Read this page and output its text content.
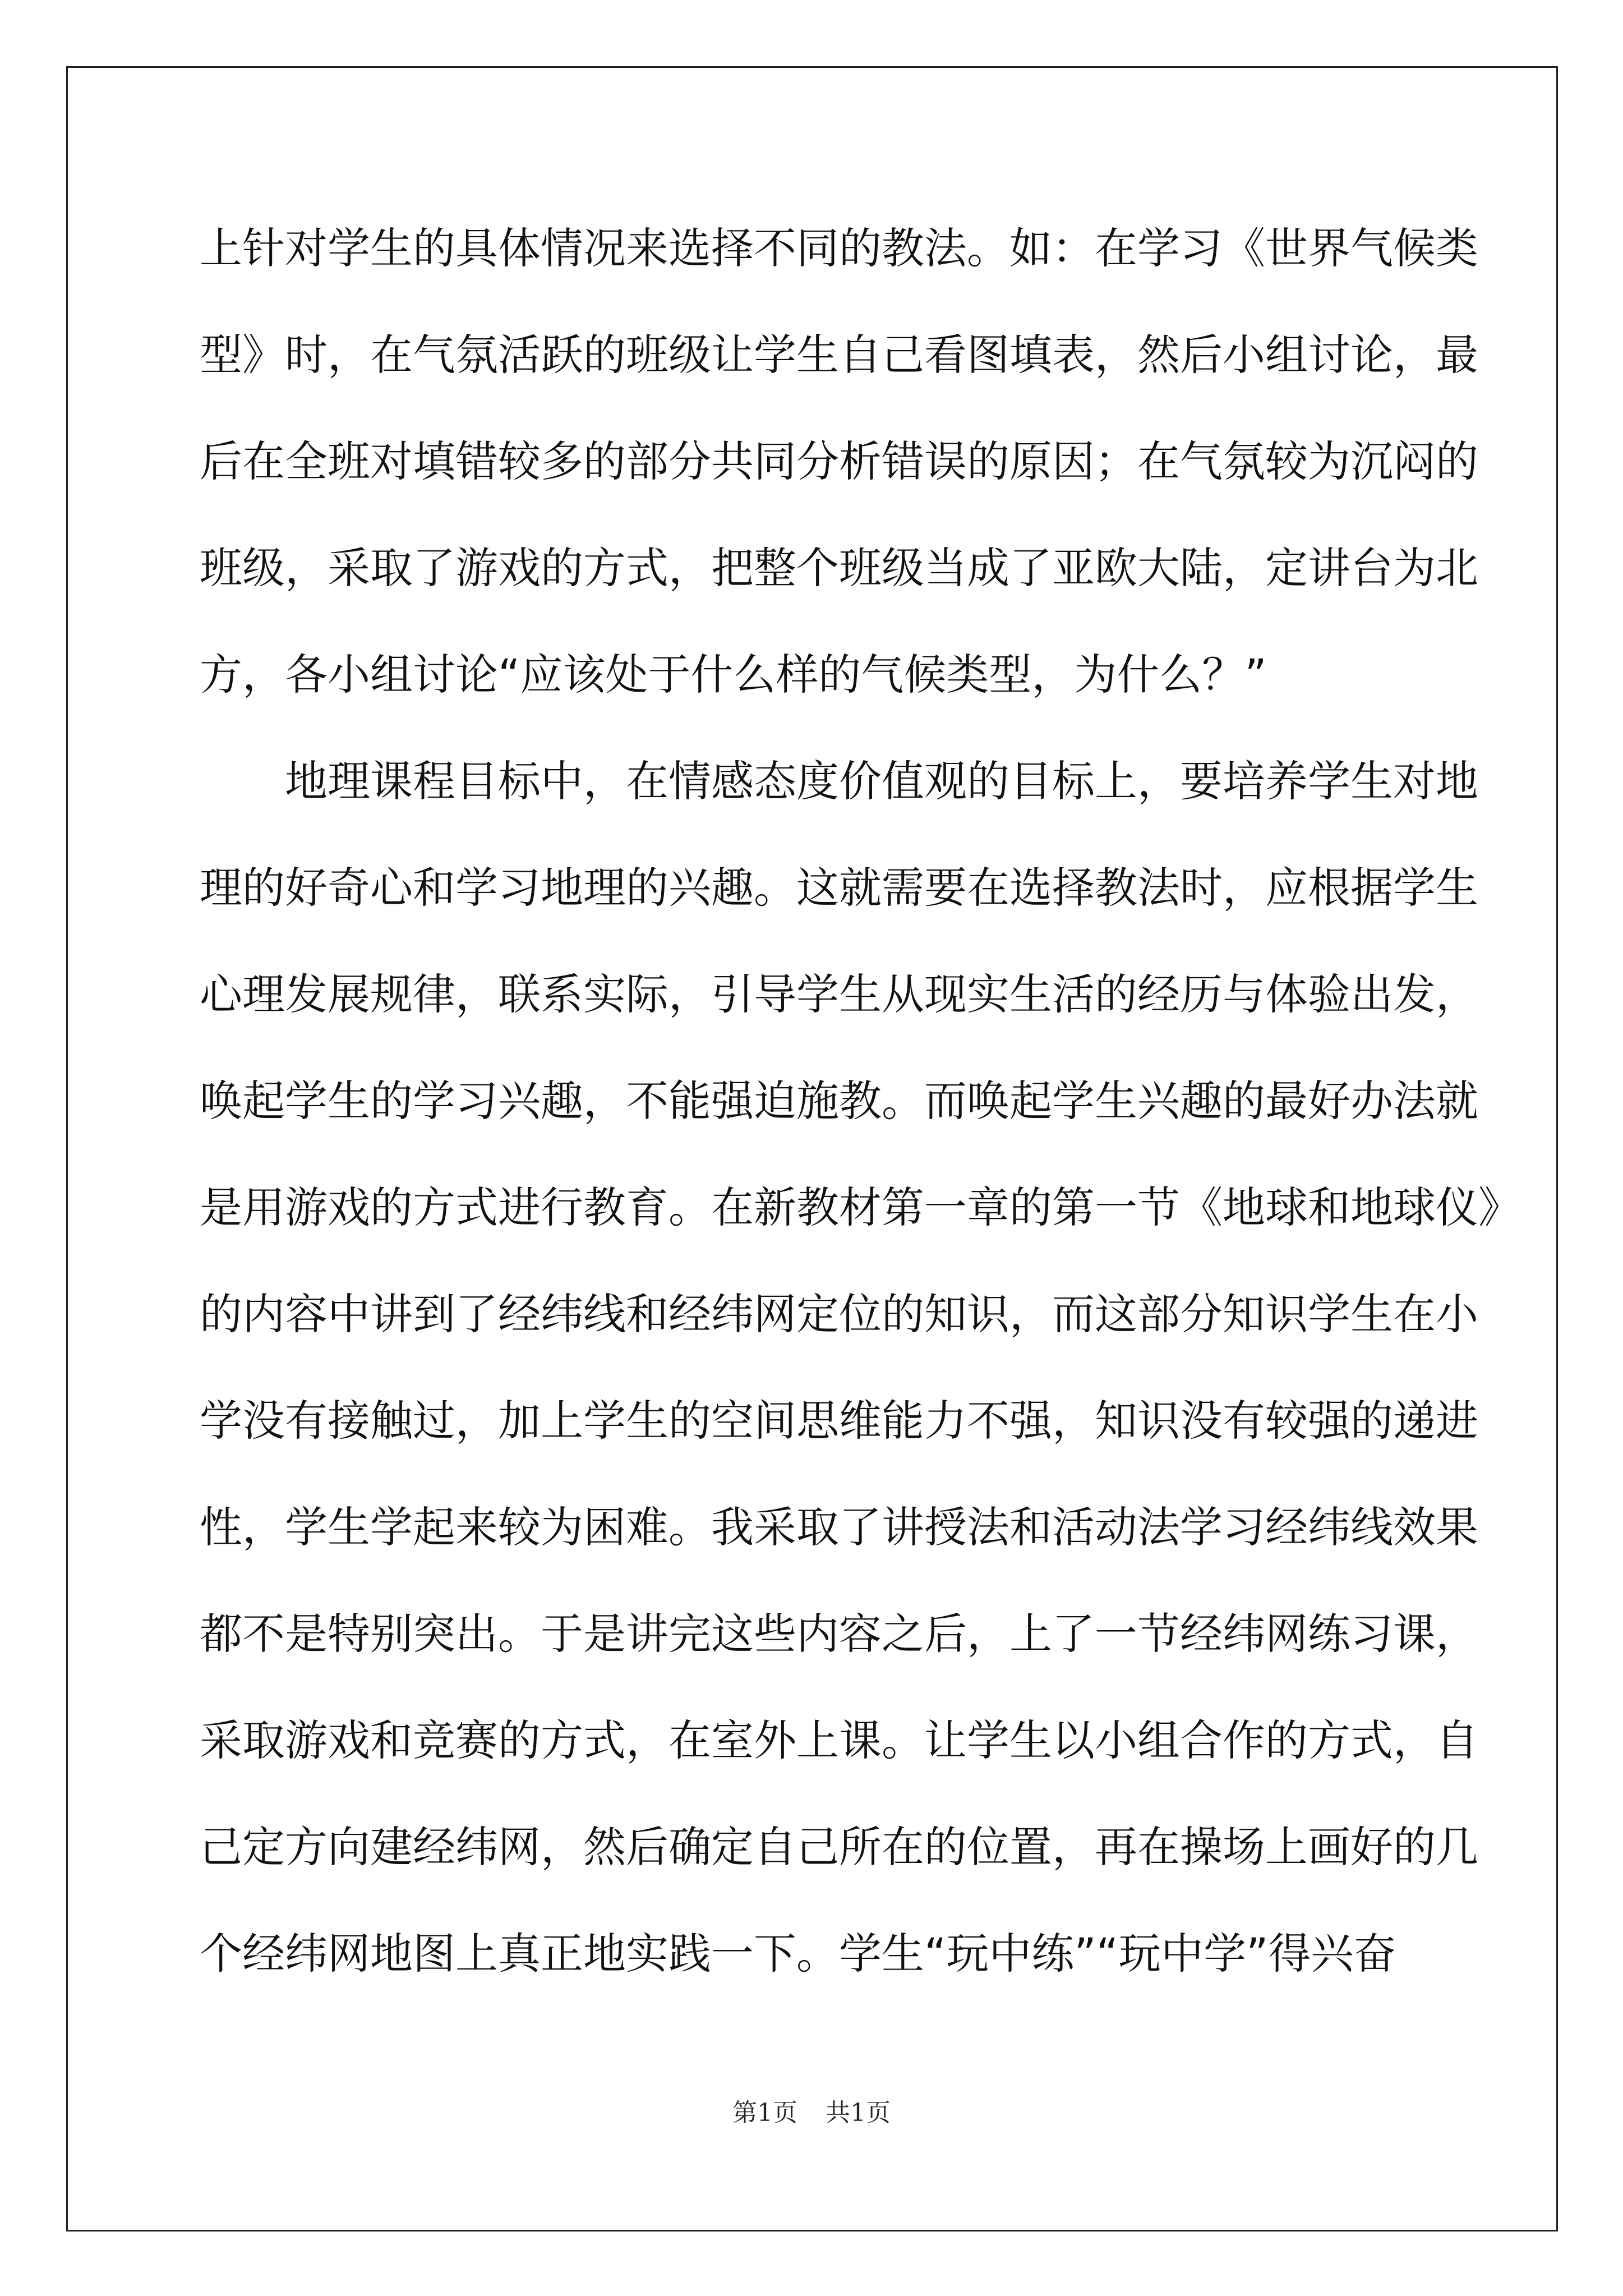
上针对学生的具体情况来选择不同的教法。如：在学习《世界气候类
型》时，在气氛活跃的班级让学生自己看图填表，然后小组讨论，最
后在全班对填错较多的部分共同分析错误的原因；在气氛较为沉闷的
班级，采取了游戏的方式，把整个班级当成了亚欧大陆，定讲台为北
方，各小组讨论“应该处于什么样的气候类型，为什么？”
地理课程目标中，在情感态度价值观的目标上，要培养学生对地
理的好奇心和学习地理的兴趣。这就需要在选择教法时，应根据学生
心理发展规律，联系实际，引导学生从现实生活的经历与体验出发，
唤起学生的学习兴趣，不能强迫施教。而唤起学生兴趣的最好办法就
是用游戏的方式进行教育。在新教材第一章的第一节《地球和地球仪》
的内容中讲到了经纬线和经纬网定位的知识，而这部分知识学生在小
学没有接触过，加上学生的空间思维能力不强，知识没有较强的递进
性，学生学起来较为困难。我采取了讲授法和活动法学习经纬线效果
都不是特别突出。于是讲完这些内容之后，上了一节经纬网练习课，
采取游戏和竞赛的方式，在室外上课。让学生以小组合作的方式，自
己定方向建经纬网，然后确定自己所在的位置，再在操场上画好的几
个经纬网地图上真正地实践一下。学生“玩中练”“玩中学”得兴奋
第1页 共1页
